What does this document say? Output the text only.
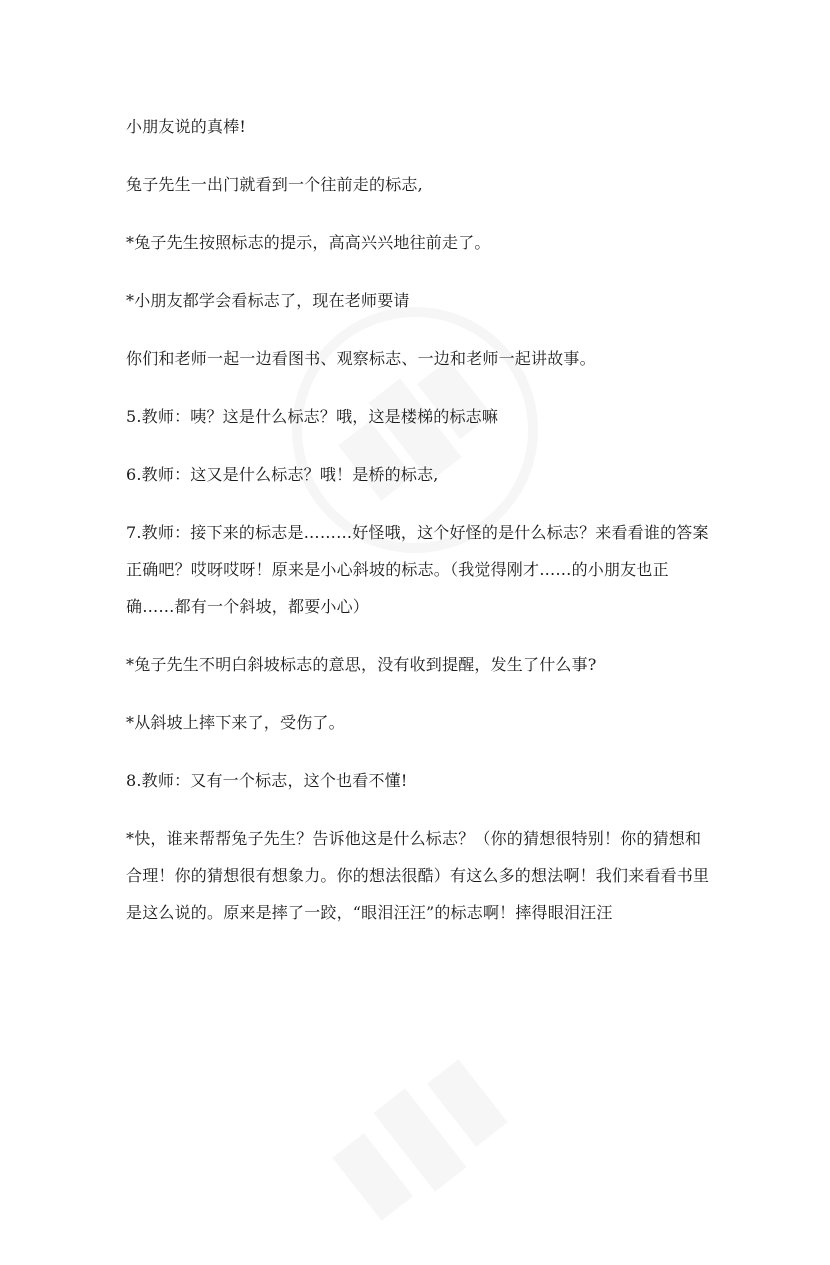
小朋友说的真棒!

兔子先生一出门就看到一个往前走的标志,

*兔子先生按照标志的提示，高高兴兴地往前走了。

*小朋友都学会看标志了，现在老师要请

你们和老师一起一边看图书、观察标志、一边和老师一起讲故事。

5.教师：咦？这是什么标志？哦，这是楼梯的标志嘛

6.教师：这又是什么标志？哦！是桥的标志,

7.教师：接下来的标志是………好怪哦，这个好怪的是什么标志？来看看谁的答案正确吧？哎呀哎呀！原来是小心斜坡的标志。（我觉得刚才……的小朋友也正确……都有一个斜坡，都要小心）

*兔子先生不明白斜坡标志的意思，没有收到提醒，发生了什么事?

*从斜坡上摔下来了，受伤了。

8.教师：又有一个标志，这个也看不懂!

*快，谁来帮帮兔子先生？告诉他这是什么标志？（你的猜想很特别！你的猜想和合理！你的猜想很有想象力。你的想法很酷）有这么多的想法啊！我们来看看书里是这么说的。原来是摔了一跤，“眼泪汪汪”的标志啊！摔得眼泪汪汪
